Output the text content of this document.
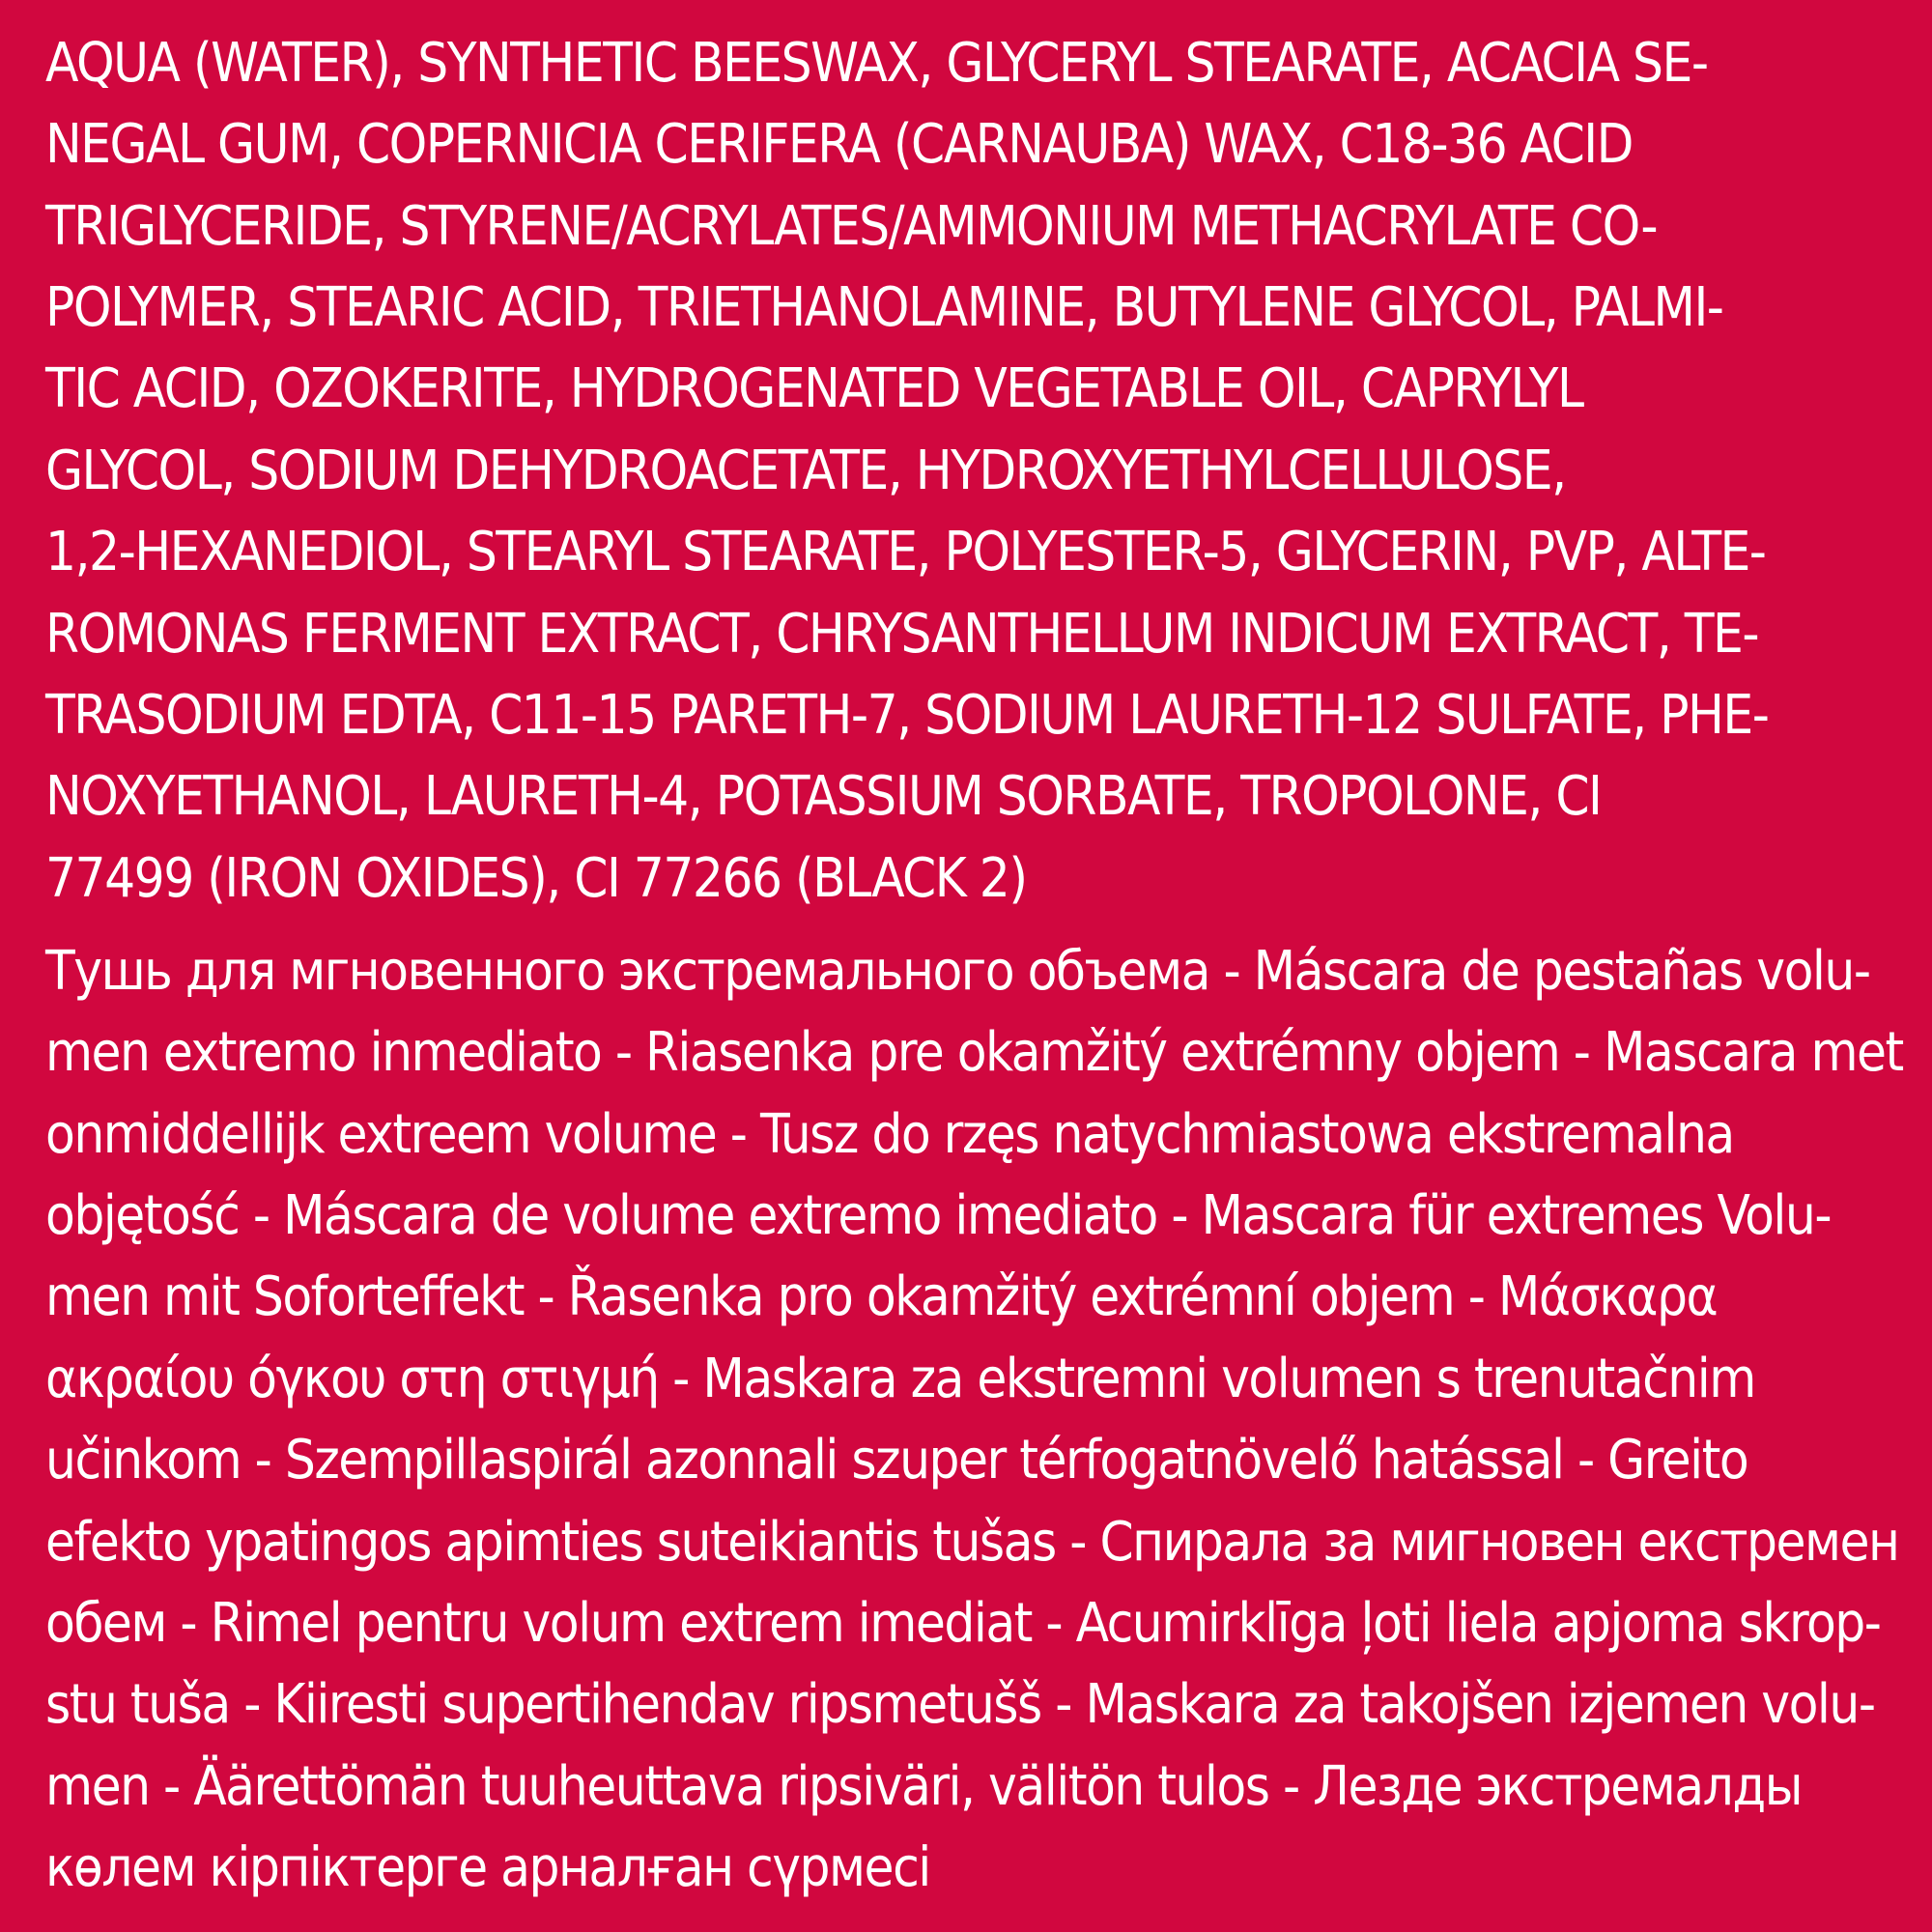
AQUA (WATER), SYNTHETIC BEESWAX, GLYCERYL STEARATE, ACACIA SE-
NEGAL GUM, COPERNICIA CERIFERA (CARNAUBA) WAX, C18-36 ACID
TRIGLYCERIDE, STYRENE/ACRYLATES/AMMONIUM METHACRYLATE CO-
POLYMER, STEARIC ACID, TRIETHANOLAMINE, BUTYLENE GLYCOL, PALMI-
TIC ACID, OZOKERITE, HYDROGENATED VEGETABLE OIL, CAPRYLYL
GLYCOL, SODIUM DEHYDROACETATE, HYDROXYETHYLCELLULOSE,
1,2-HEXANEDIOL, STEARYL STEARATE, POLYESTER-5, GLYCERIN, PVP, ALTE-
ROMONAS FERMENT EXTRACT, CHRYSANTHELLUM INDICUM EXTRACT, TE-
TRASODIUM EDTA, C11-15 PARETH-7, SODIUM LAURETH-12 SULFATE, PHE-
NOXYETHANOL, LAURETH-4, POTASSIUM SORBATE, TROPOLONE, CI
77499 (IRON OXIDES), CI 77266 (BLACK 2)
Тушь для мгновенного экстремального объема - Máscara de pestañas volu-
men extremo inmediato - Riasenka pre okamžitý extrémny objem - Mascara met
onmiddellijk extreem volume - Tusz do rzęs natychmiastowa ekstremalna
objętość - Máscara de volume extremo imediato - Mascara für extremes Volu-
men mit Soforteffekt - Řasenka pro okamžitý extrémní objem - Μάσκαρα
ακραίου όγκου στη στιγμή - Maskara za ekstremni volumen s trenutačnim
učinkom - Szempillaspirál azonnali szuper térfogatnövelő hatással - Greito
efekto ypatingos apimties suteikiantis tušas - Спирала за мигновен екстремен
обем - Rimel pentru volum extrem imediat - Acumirklīga ļoti liela apjoma skrop-
stu tuša - Kiiresti supertihendav ripsmetušš - Maskara za takojšen izjemen volu-
men - Äärettömän tuuheuttava ripsiväri, välitön tulos - Лезде экстремалды
көлем кірпіктерге арналған сүрмесі
